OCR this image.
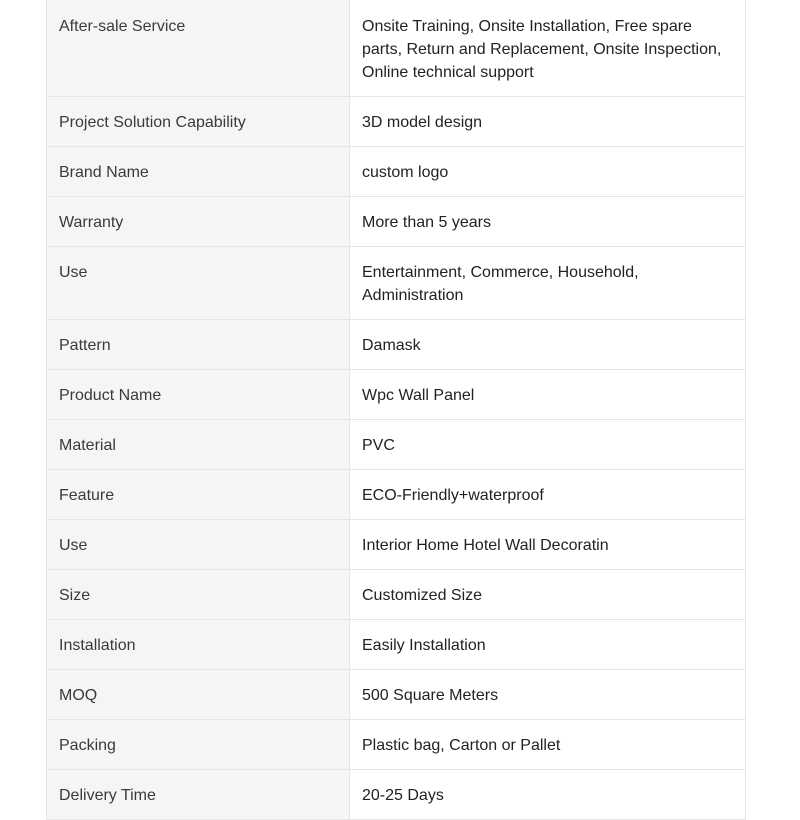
After-sale Service	Onsite Training, Onsite Installation, Free spare parts, Return and Replacement, Onsite Inspection, Online technical support
Project Solution Capability	3D model design
Brand Name	custom logo
Warranty	More than 5 years
Use	Entertainment, Commerce, Household, Administration
Pattern	Damask
Product Name	Wpc Wall Panel
Material	PVC
Feature	ECO-Friendly+waterproof
Use	Interior Home Hotel Wall Decoratin
Size	Customized Size
Installation	Easily Installation
MOQ	500 Square Meters
Packing	Plastic bag, Carton or Pallet
Delivery Time	20-25 Days
